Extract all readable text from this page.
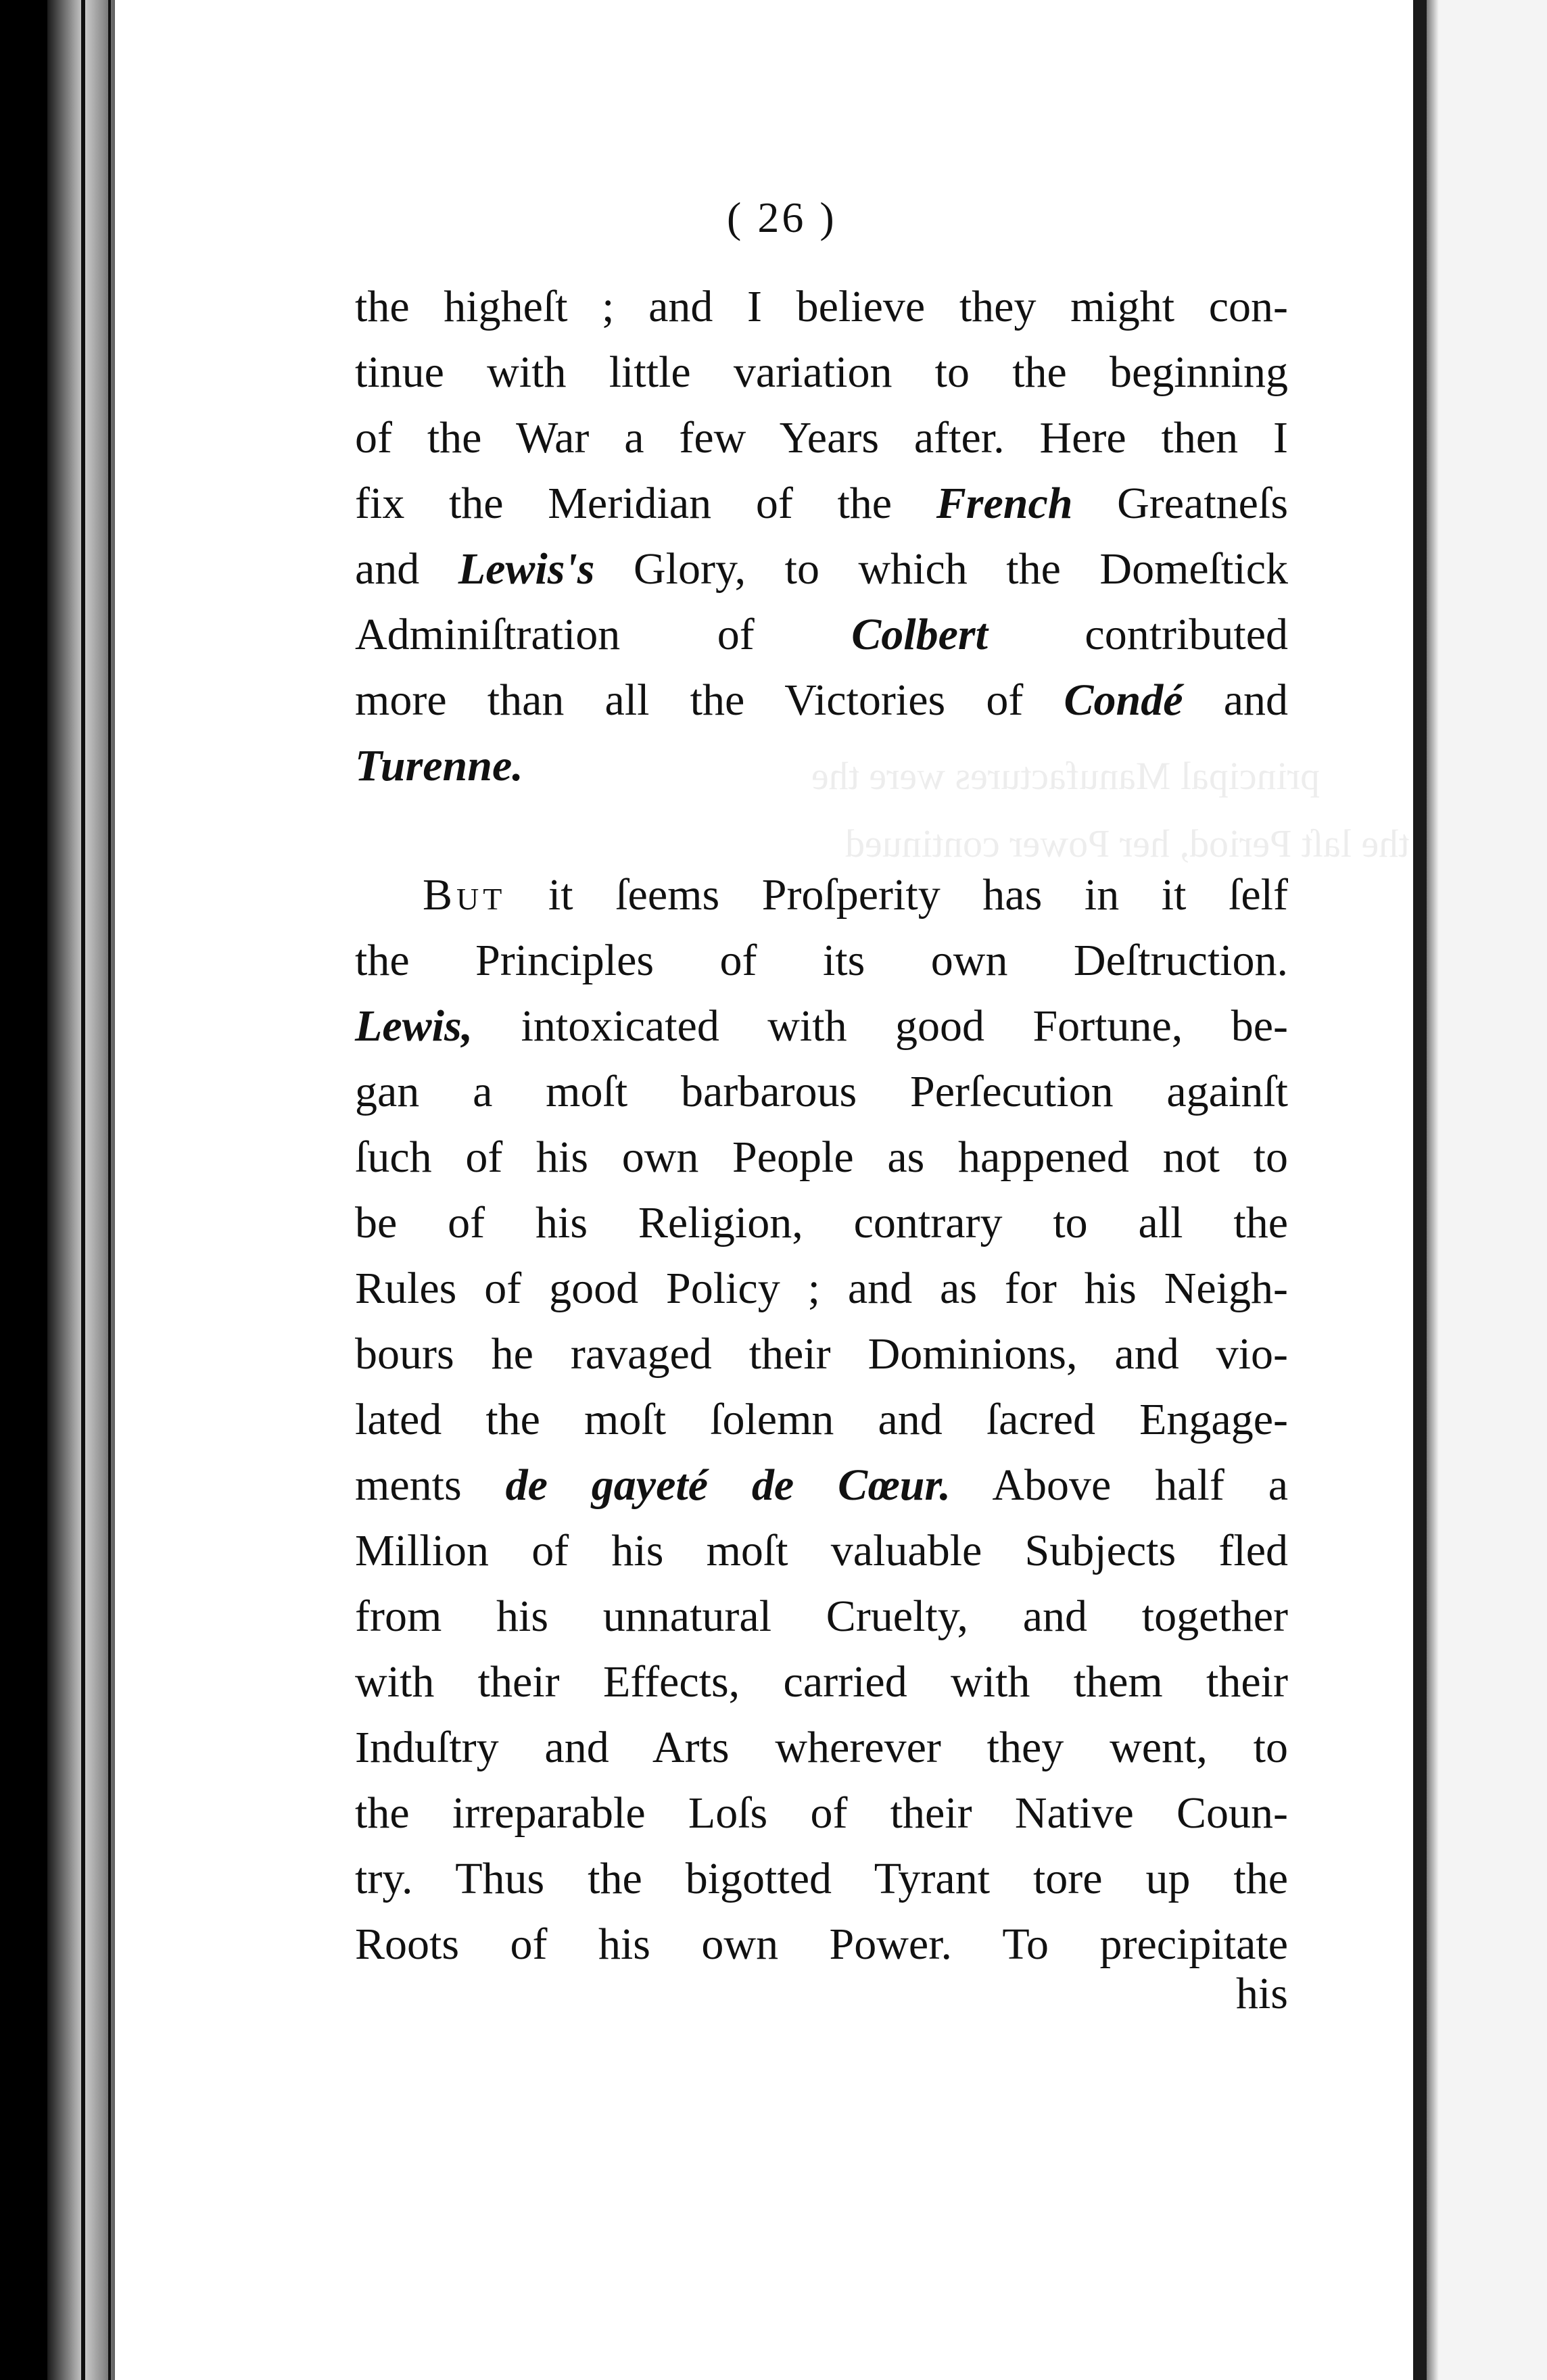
principal Manufactures were the
the laſt Period, her Power continued
( 26 )
the higheſt ; and I believe they might con-
tinue with little variation to the beginning
of the War a few Years after. Here then I
fix the Meridian of the French Greatneſs
and Lewis's Glory, to which the Domeſtick
Adminiſtration of Colbert contributed
more than all the Victories of Condé and
Turenne.
But it ſeems Proſperity has in it ſelf
the Principles of its own Deſtruction.
Lewis, intoxicated with good Fortune, be-
gan a moſt barbarous Perſecution againſt
ſuch of his own People as happened not to
be of his Religion, contrary to all the
Rules of good Policy ; and as for his Neigh-
bours he ravaged their Dominions, and vio-
lated the moſt ſolemn and ſacred Engage-
ments de gayeté de Cœur. Above half a
Million of his moſt valuable Subjects fled
from his unnatural Cruelty, and together
with their Effects, carried with them their
Induſtry and Arts wherever they went, to
the irreparable Loſs of their Native Coun-
try. Thus the bigotted Tyrant tore up the
Roots of his own Power. To precipitate
his
